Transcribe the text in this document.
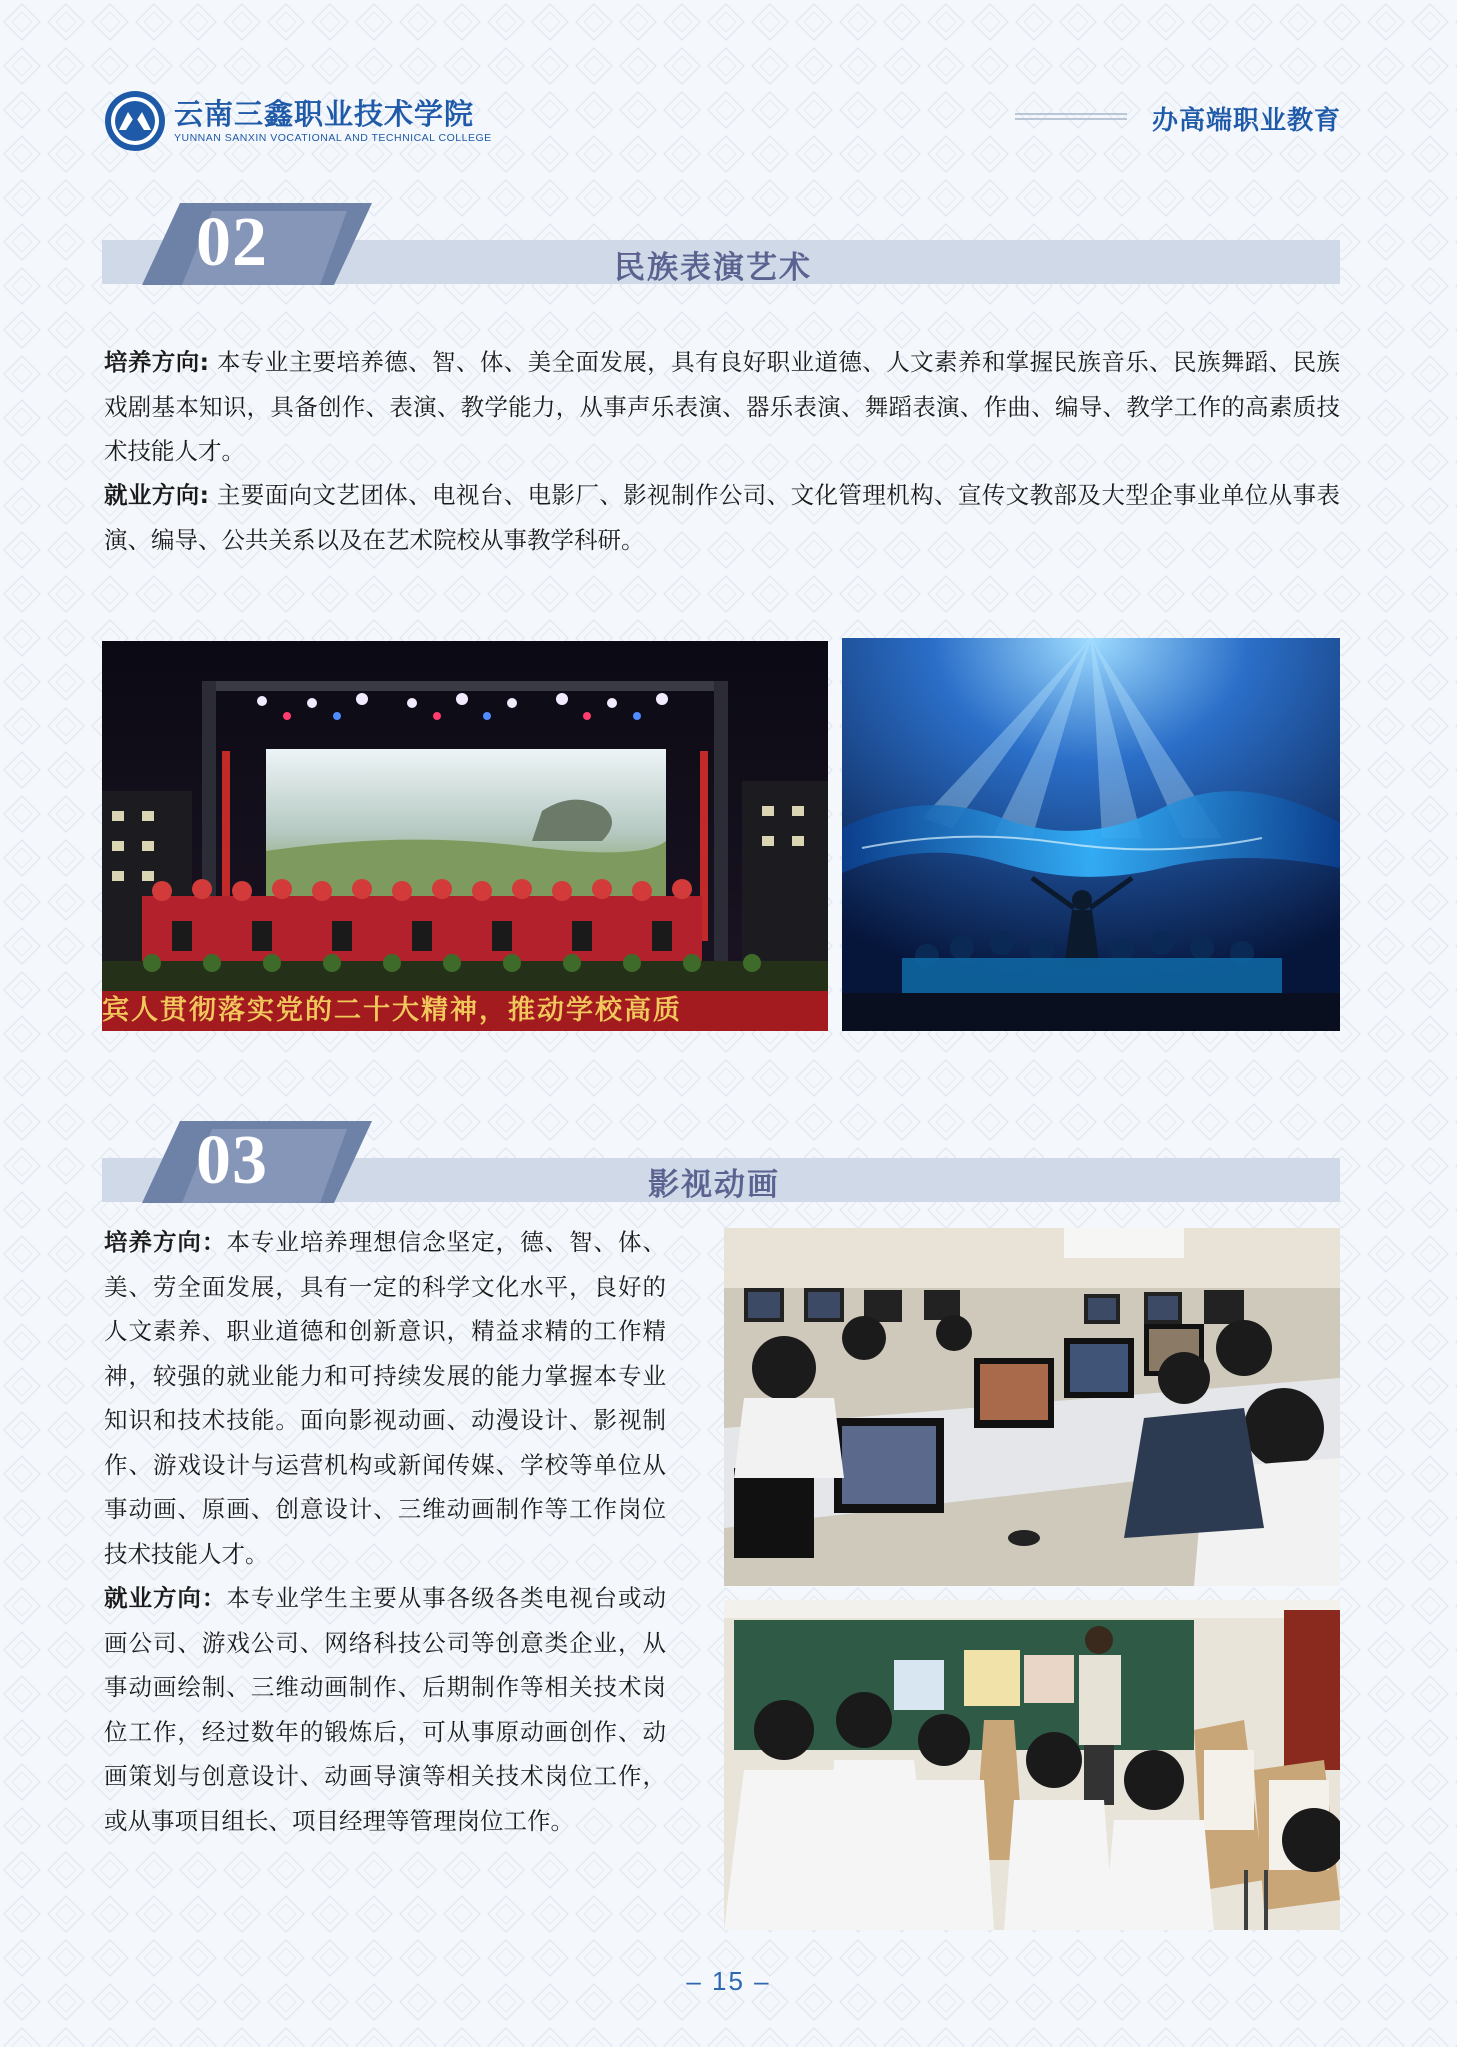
云南三鑫职业技术学院
YUNNAN SANXIN VOCATIONAL AND TECHNICAL COLLEGE
办高端职业教育
02	民族表演艺术
培养方向: 本专业主要培养德、智、体、美全面发展，具有良好职业道德、人文素养和掌握民族音乐、民族舞蹈、民族戏剧基本知识，具备创作、表演、教学能力，从事声乐表演、器乐表演、舞蹈表演、作曲、编导、教学工作的高素质技术技能人才。
就业方向: 主要面向文艺团体、电视台、电影厂、影视制作公司、文化管理机构、宣传文教部及大型企事业单位从事表演、编导、公共关系以及在艺术院校从事教学科研。
宾人贯彻落实党的二十大精神，推动学校高质
03	影视动画
培养方向：本专业培养理想信念坚定，德、智、体、美、劳全面发展，具有一定的科学文化水平，良好的人文素养、职业道德和创新意识，精益求精的工作精神，较强的就业能力和可持续发展的能力掌握本专业知识和技术技能。面向影视动画、动漫设计、影视制作、游戏设计与运营机构或新闻传媒、学校等单位从事动画、原画、创意设计、三维动画制作等工作岗位技术技能人才。
就业方向：本专业学生主要从事各级各类电视台或动画公司、游戏公司、网络科技公司等创意类企业，从事动画绘制、三维动画制作、后期制作等相关技术岗位工作，经过数年的锻炼后，可从事原动画创作、动画策划与创意设计、动画导演等相关技术岗位工作，或从事项目组长、项目经理等管理岗位工作。
– 15 –
